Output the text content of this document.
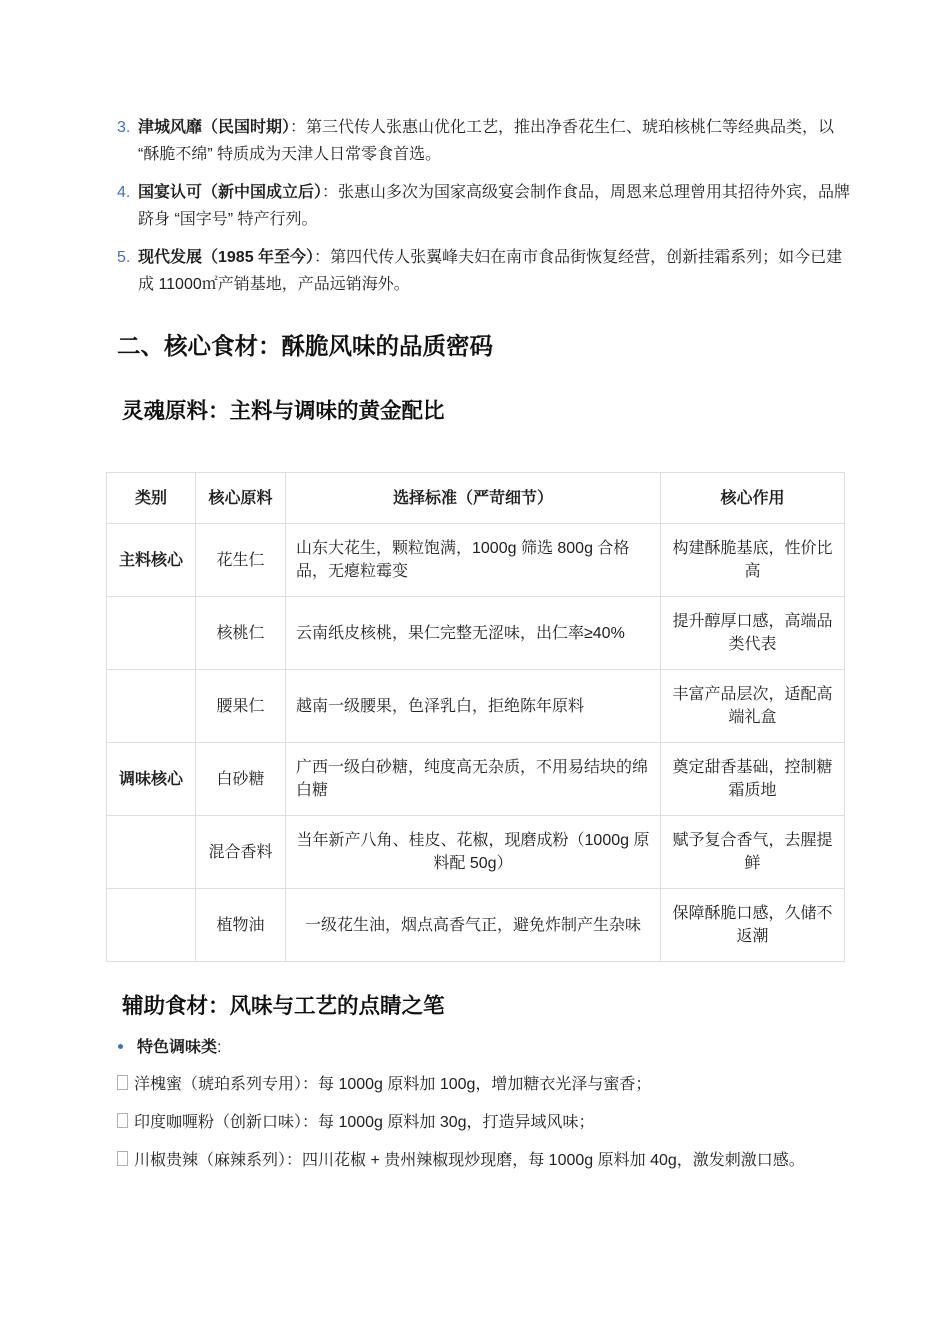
3. 津城风靡（民国时期）：第三代传人张惠山优化工艺，推出净香花生仁、琥珀核桃仁等经典品类，以 “酥脆不绵” 特质成为天津人日常零食首选。
4. 国宴认可（新中国成立后）：张惠山多次为国家高级宴会制作食品，周恩来总理曾用其招待外宾，品牌跻身 “国字号” 特产行列。
5. 现代发展（1985 年至今）：第四代传人张翼峰夫妇在南市食品街恢复经营，创新挂霜系列；如今已建成 11000㎡产销基地，产品远销海外。
二、核心食材：酥脆风味的品质密码
灵魂原料：主料与调味的黄金配比
类别	核心原料	选择标准（严苛细节）	核心作用
主料核心	花生仁	山东大花生，颗粒饱满，1000g 筛选 800g 合格品，无瘪粒霉变	构建酥脆基底，性价比高
	核桃仁	云南纸皮核桃，果仁完整无涩味，出仁率≥40%	提升醇厚口感，高端品类代表
	腰果仁	越南一级腰果，色泽乳白，拒绝陈年原料	丰富产品层次，适配高端礼盒
调味核心	白砂糖	广西一级白砂糖，纯度高无杂质，不用易结块的绵白糖	奠定甜香基础，控制糖霜质地
	混合香料	当年新产八角、桂皮、花椒，现磨成粉（1000g 原料配 50g）	赋予复合香气，去腥提鲜
	植物油	一级花生油，烟点高香气正，避免炸制产生杂味	保障酥脆口感，久储不返潮
辅助食材：风味与工艺的点睛之笔
特色调味类:
洋槐蜜（琥珀系列专用）：每 1000g 原料加 100g，增加糖衣光泽与蜜香；
印度咖喱粉（创新口味）：每 1000g 原料加 30g，打造异域风味；
川椒贵辣（麻辣系列）：四川花椒 + 贵州辣椒现炒现磨，每 1000g 原料加 40g，激发刺激口感。
